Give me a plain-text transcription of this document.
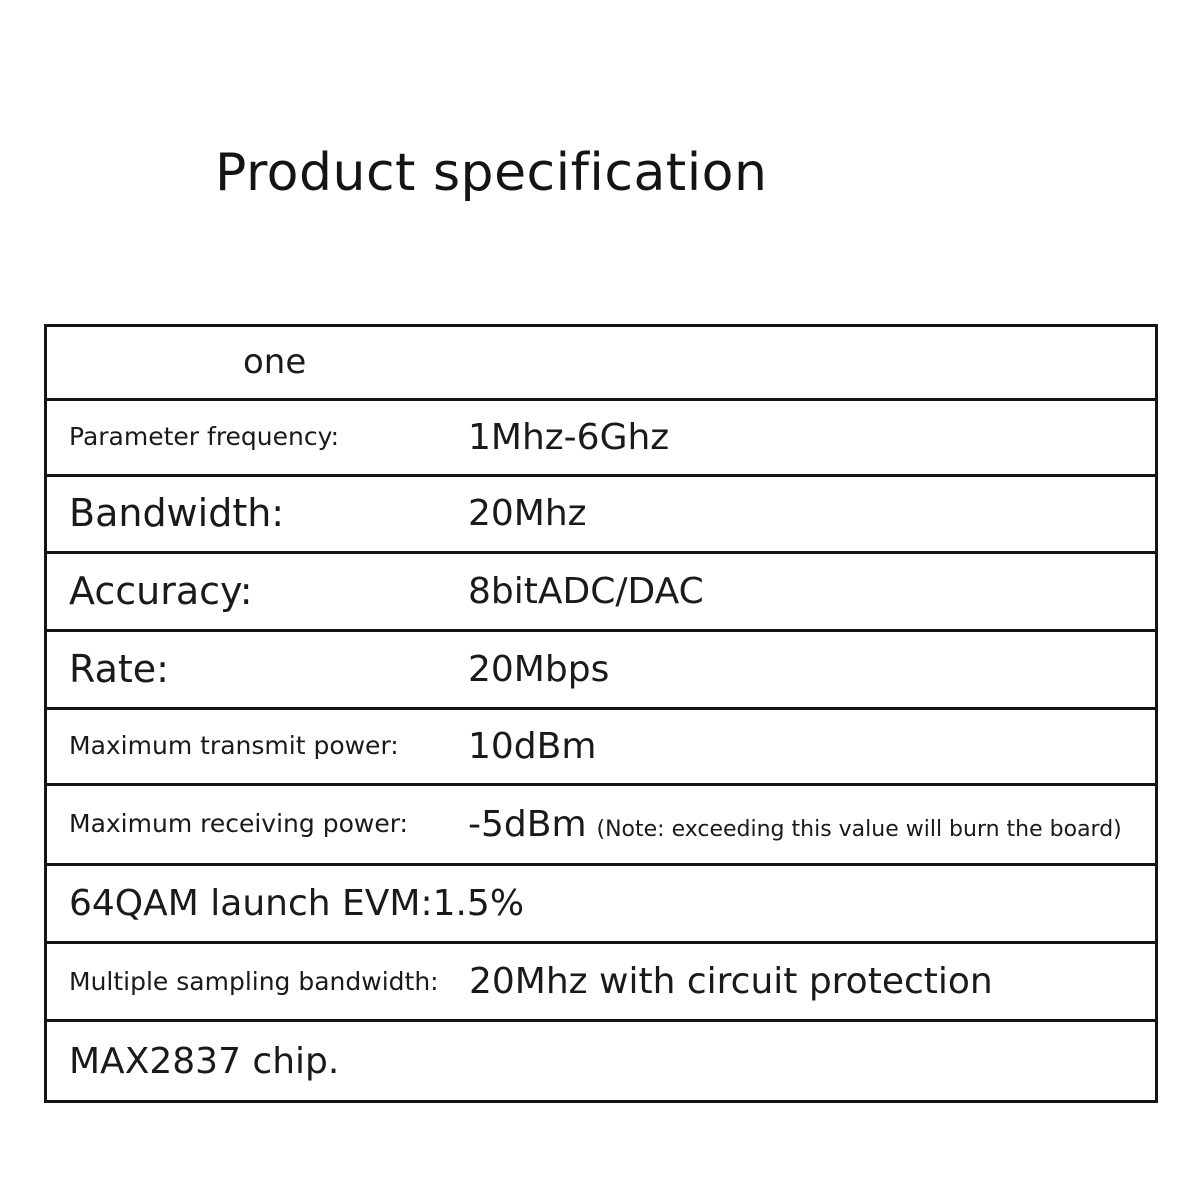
Product specification
one
Parameter frequency:	1Mhz-6Ghz
Bandwidth:	20Mhz
Accuracy:	8bitADC/DAC
Rate:	20Mbps
Maximum transmit power:	10dBm
Maximum receiving power:	-5dBm (Note: exceeding this value will burn the board)
64QAM launch EVM:1.5%
Multiple sampling bandwidth: 20Mhz with circuit protection
MAX2837 chip.
